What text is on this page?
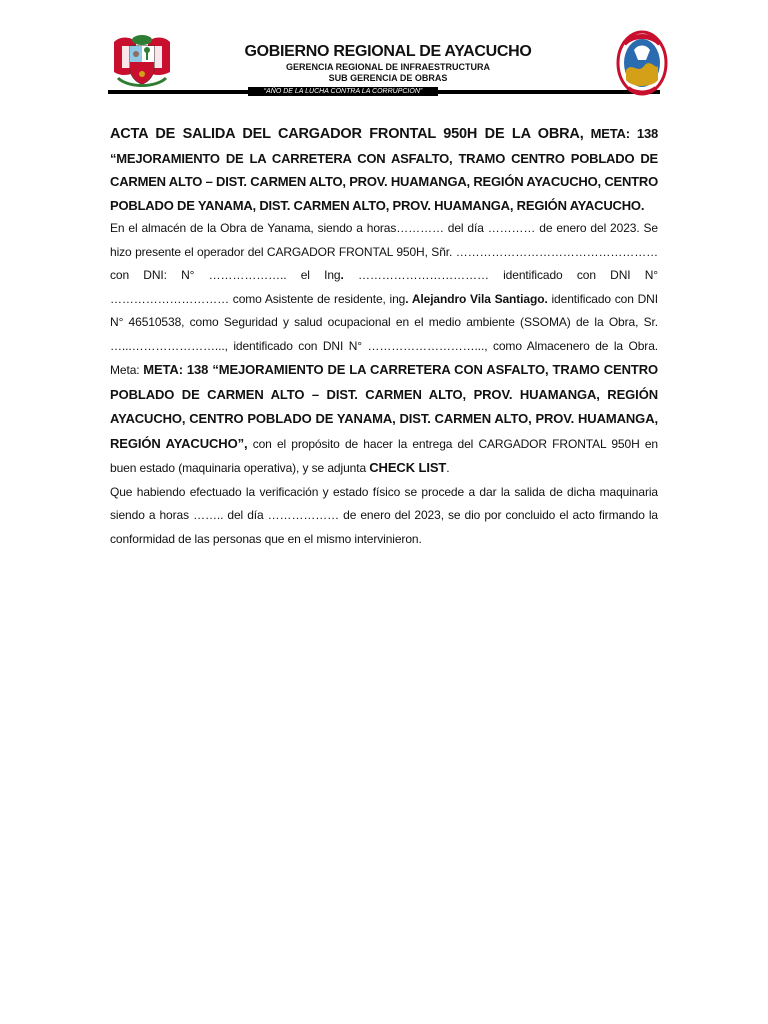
GOBIERNO REGIONAL DE AYACUCHO
GERENCIA REGIONAL DE INFRAESTRUCTURA
SUB GERENCIA DE OBRAS
“AÑO DE LA LUCHA CONTRA LA CORRUPCIÓN”

ACTA DE SALIDA DEL CARGADOR FRONTAL 950H DE LA OBRA, META: 138 “MEJORAMIENTO DE LA CARRETERA CON ASFALTO, TRAMO CENTRO POBLADO DE CARMEN ALTO – DIST. CARMEN ALTO, PROV. HUAMANGA, REGIÓN AYACUCHO, CENTRO POBLADO DE YANAMA, DIST. CARMEN ALTO, PROV. HUAMANGA, REGIÓN AYACUCHO.

En el almacén de la Obra de Yanama, siendo a horas………… del día ………… de enero del 2023. Se hizo presente el operador del CARGADOR FRONTAL 950H, Sñr. …………………………………………… con DNI: N° ……………….. el Ing. …………………………… identificado con DNI N° ………………………… como Asistente de residente, ing. Alejandro Vila Santiago. identificado con DNI N° 46510538, como Seguridad y salud ocupacional en el medio ambiente (SSOMA) de la Obra, Sr. …...…………………..., identificado con DNI N° ………………………..., como Almacenero de la Obra. Meta: META: 138 “MEJORAMIENTO DE LA CARRETERA CON ASFALTO, TRAMO CENTRO POBLADO DE CARMEN ALTO – DIST. CARMEN ALTO, PROV. HUAMANGA, REGIÓN AYACUCHO, CENTRO POBLADO DE YANAMA, DIST. CARMEN ALTO, PROV. HUAMANGA, REGIÓN AYACUCHO”, con el propósito de hacer la entrega del CARGADOR FRONTAL 950H en buen estado (maquinaria operativa), y se adjunta CHECK LIST.

Que habiendo efectuado la verificación y estado físico se procede a dar la salida de dicha maquinaria siendo a horas …….. del día ……………… de enero del 2023, se dio por concluido el acto firmando la conformidad de las personas que en el mismo intervinieron.
